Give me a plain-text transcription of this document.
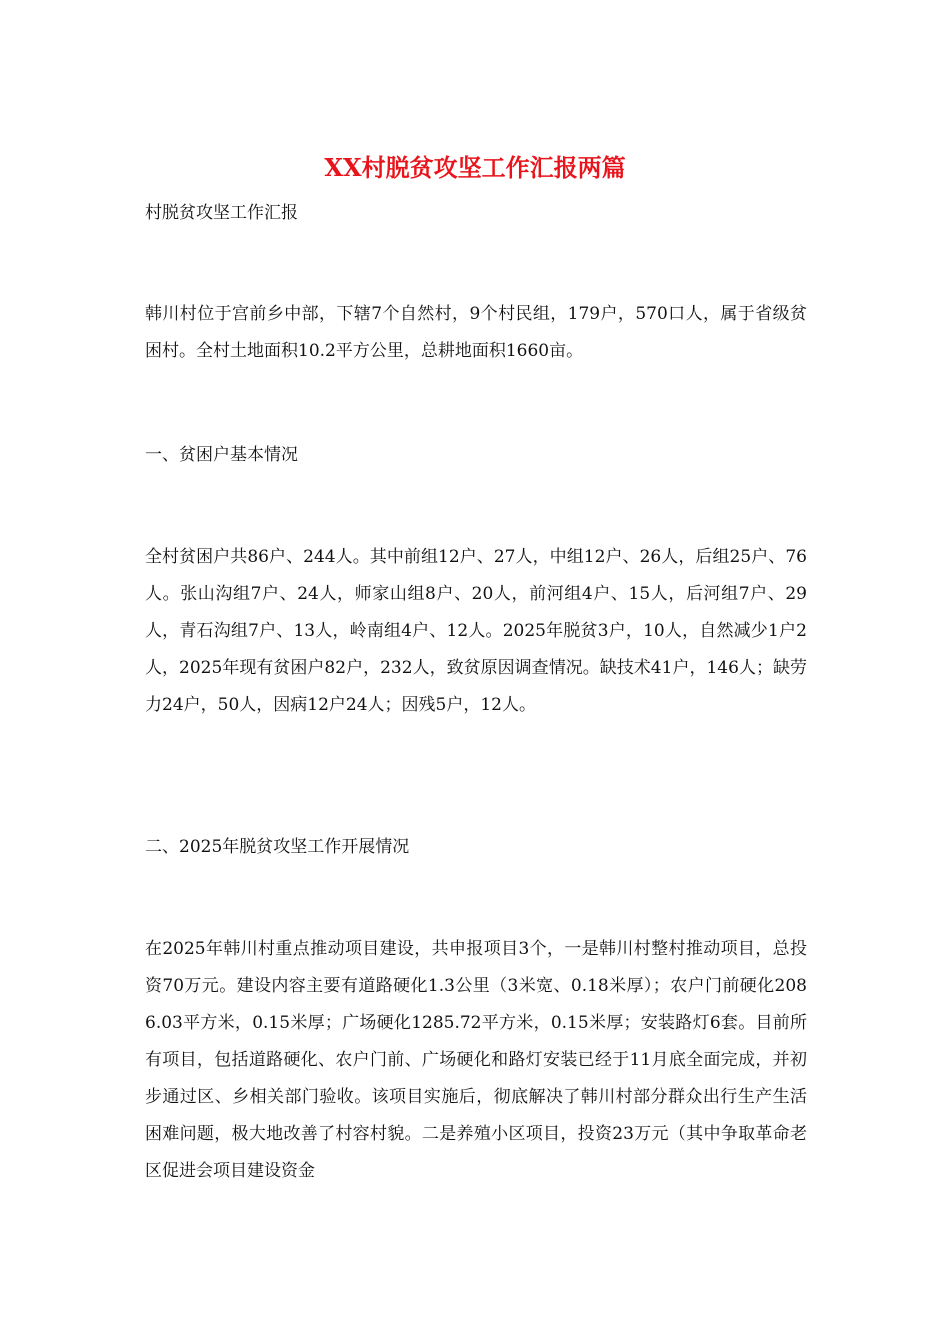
XX村脱贫攻坚工作汇报两篇

村脱贫攻坚工作汇报

韩川村位于宫前乡中部，下辖7个自然村，9个村民组，179户，570口人，属于省级贫困村。全村土地面积10.2平方公里，总耕地面积1660亩。

一、贫困户基本情况

全村贫困户共86户、244人。其中前组12户、27人，中组12户、26人，后组25户、76人。张山沟组7户、24人，师家山组8户、20人，前河组4户、15人，后河组7户、29人，青石沟组7户、13人，岭南组4户、12人。2025年脱贫3户，10人，自然减少1户2人，2025年现有贫困户82户，232人，致贫原因调查情况。缺技术41户，146人；缺劳力24户，50人，因病12户24人；因残5户，12人。

二、2025年脱贫攻坚工作开展情况

在2025年韩川村重点推动项目建设，共申报项目3个，一是韩川村整村推动项目，总投资70万元。建设内容主要有道路硬化1.3公里（3米宽、0.18米厚）；农户门前硬化2086.03平方米，0.15米厚；广场硬化1285.72平方米，0.15米厚；安装路灯6套。目前所有项目，包括道路硬化、农户门前、广场硬化和路灯安装已经于11月底全面完成，并初步通过区、乡相关部门验收。该项目实施后，彻底解决了韩川村部分群众出行生产生活困难问题，极大地改善了村容村貌。二是养殖小区项目，投资23万元（其中争取革命老区促进会项目建设资金
